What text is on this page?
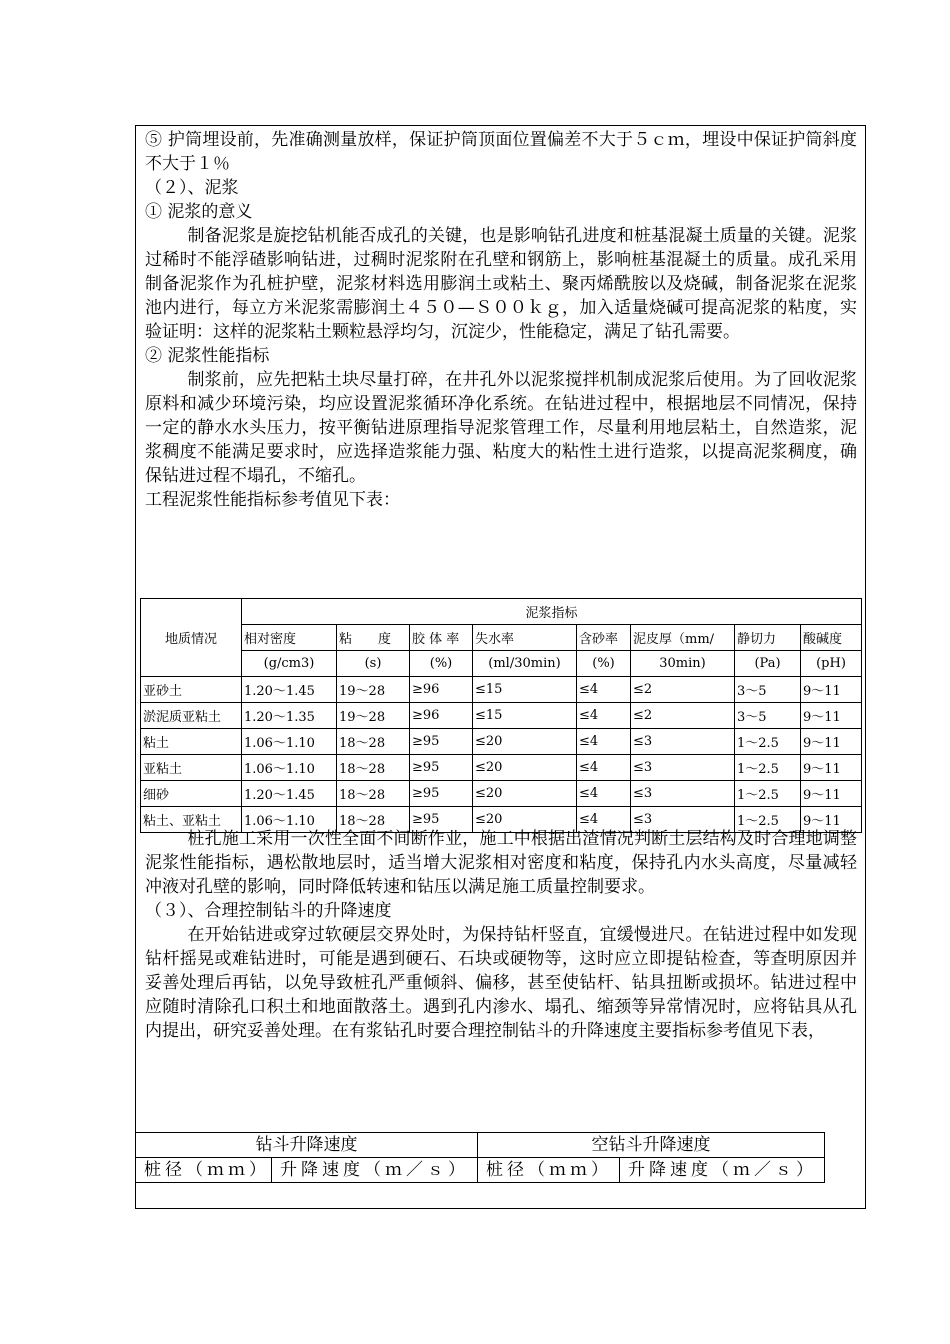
⑤ 护筒埋设前，先准确测量放样，保证护筒顶面位置偏差不大于５ｃｍ，埋设中保证护筒斜度不大于１％

（２）、泥浆

① 泥浆的意义

制备泥浆是旋挖钻机能否成孔的关键，也是影响钻孔进度和桩基混凝土质量的关键。泥浆过稀时不能浮碴影响钻进，过稠时泥浆附在孔壁和钢筋上，影响桩基混凝土的质量。成孔采用制备泥浆作为孔桩护壁，泥浆材料选用膨润土或粘土、聚丙烯酰胺以及烧碱，制备泥浆在泥浆池内进行，每立方米泥浆需膨润土４５０—Ｓ００ｋｇ，加入适量烧碱可提高泥浆的粘度，实验证明：这样的泥浆粘土颗粒悬浮均匀，沉淀少，性能稳定，满足了钻孔需要。

② 泥浆性能指标

制浆前，应先把粘土块尽量打碎，在井孔外以泥浆搅拌机制成泥浆后使用。为了回收泥浆原料和减少环境污染，均应设置泥浆循环净化系统。在钻进过程中，根据地层不同情况，保持一定的静水水头压力，按平衡钻进原理指导泥浆管理工作，尽量利用地层粘土，自然造浆，泥浆稠度不能满足要求时，应选择造浆能力强、粘度大的粘性土进行造浆，以提高泥浆稠度，确保钻进过程不塌孔，不缩孔。

工程泥浆性能指标参考值见下表：

地质情况	泥浆指标							
	相对密度	粘　　度	胶 体 率	失水率	含砂率	泥皮厚（mm/	静切力	酸碱度
	(g/cm3)	(s)	(%)	(ml/30min)	(%)	30min)	(Pa)	(pH)
亚砂土	1.20～1.45	19～28	≥96	≤15	≤4	≤2	3～5	9～11
淤泥质亚粘土	1.20～1.35	19～28	≥96	≤15	≤4	≤2	3～5	9～11
粘土	1.06～1.10	18～28	≥95	≤20	≤4	≤3	1～2.5	9～11
亚粘土	1.06～1.10	18～28	≥95	≤20	≤4	≤3	1～2.5	9～11
细砂	1.20～1.45	18～28	≥95	≤20	≤4	≤3	1～2.5	9～11
粘土、亚粘土	1.06～1.10	18～28	≥95	≤20	≤4	≤3	1～2.5	9～11

桩孔施工采用一次性全面不间断作业，施工中根据出渣情况判断土层结构及时合理地调整泥浆性能指标，遇松散地层时，适当增大泥浆相对密度和粘度，保持孔内水头高度，尽量减轻冲液对孔壁的影响，同时降低转速和钻压以满足施工质量控制要求。

（３）、合理控制钻斗的升降速度

在开始钻进或穿过软硬层交界处时，为保持钻杆竖直，宜缓慢进尺。在钻进过程中如发现钻杆摇晃或难钻进时，可能是遇到硬石、石块或硬物等，这时应立即提钻检查，等查明原因并妥善处理后再钻，以免导致桩孔严重倾斜、偏移，甚至使钻杆、钻具扭断或损坏。钻进过程中应随时清除孔口积土和地面散落土。遇到孔内渗水、塌孔、缩颈等异常情况时，应将钻具从孔内提出，研究妥善处理。在有浆钻孔时要合理控制钻斗的升降速度主要指标参考值见下表，

钻斗升降速度		空钻斗升降速度	
桩径（ｍｍ）	升降速度（ｍ／ｓ）	桩径（ｍｍ）	升降速度（ｍ／ｓ）
